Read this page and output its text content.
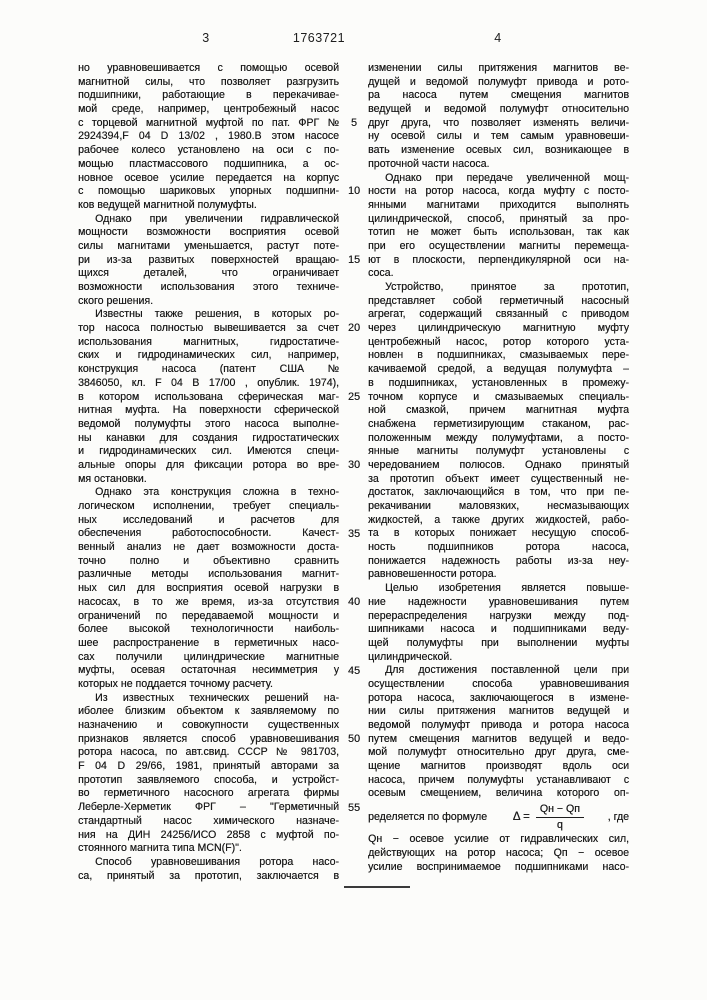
3	1763721	4
но уравновешивается с помощью осевой
магнитной силы, что позволяет разгрузить
подшипники, работающие в перекачивае-
мой среде, например, центробежный насос
с торцевой магнитной муфтой по пат. ФРГ №
2924394,F 04 D 13/02 , 1980.В этом насосе
рабочее колесо установлено на оси с по-
мощью пластмассового подшипника, а ос-
новное осевое усилие передается на корпус
с помощью шариковых упорных подшипни-
ков ведущей магнитной полумуфты.
Однако при увеличении гидравлической
мощности возможности восприятия осевой
силы магнитами уменьшается, растут поте-
ри из-за развитых поверхностей вращаю-
щихся деталей, что ограничивает
возможности использования этого техниче-
ского решения.
Известны также решения, в которых ро-
тор насоса полностью вывешивается за счет
использования магнитных, гидростатиче-
ских и гидродинамических сил, например,
конструкция насоса (патент США №
3846050, кл. F 04 B 17/00 , опублик. 1974),
в котором использована сферическая маг-
нитная муфта. На поверхности сферической
ведомой полумуфты этого насоса выполне-
ны канавки для создания гидростатических
и гидродинамических сил. Имеются специ-
альные опоры для фиксации ротора во вре-
мя остановки.
Однако эта конструкция сложна в техно-
логическом исполнении, требует специаль-
ных исследований и расчетов для
обеспечения работоспособности. Качест-
венный анализ не дает возможности доста-
точно полно и объективно сравнить
различные методы использования магнит-
ных сил для восприятия осевой нагрузки в
насосах, в то же время, из-за отсутствия
ограничений по передаваемой мощности и
более высокой технологичности наиболь-
шее распространение в герметичных насо-
сах получили цилиндрические магнитные
муфты, осевая остаточная несимметрия у
которых не поддается точному расчету.
Из известных технических решений на-
иболее близким объектом к заявляемому по
назначению и совокупности существенных
признаков является способ уравновешивания
ротора насоса, по авт.свид. СССР № 981703,
F 04 D 29/66, 1981, принятый авторами за
прототип заявляемого способа, и устройст-
во герметичного насосного агрегата фирмы
Леберле-Херметик ФРГ – "Герметичный
стандартный насос химического назначе-
ния на ДИН 24256/ИСО 2858 с муфтой по-
стоянного магнита типа MCN(F)".
Способ уравновешивания ротора насо-
са, принятый за прототип, заключается в
5
10
15
20
25
30
35
40
45
50
55
изменении силы притяжения магнитов ве-
дущей и ведомой полумуфт привода и рото-
ра насоса путем смещения магнитов
ведущей и ведомой полумуфт относительно
друг друга, что позволяет изменять величи-
ну осевой силы и тем самым уравновеши-
вать изменение осевых сил, возникающее в
проточной части насоса.
Однако при передаче увеличенной мощ-
ности на ротор насоса, когда муфту с посто-
янными магнитами приходится выполнять
цилиндрической, способ, принятый за про-
тотип не может быть использован, так как
при его осуществлении магниты перемеща-
ют в плоскости, перпендикулярной оси на-
соса.
Устройство, принятое за прототип,
представляет собой герметичный насосный
агрегат, содержащий связанный с приводом
через цилиндрическую магнитную муфту
центробежный насос, ротор которого уста-
новлен в подшипниках, смазываемых пере-
качиваемой средой, а ведущая полумуфта –
в подшипниках, установленных в промежу-
точном корпусе и смазываемых специаль-
ной смазкой, причем магнитная муфта
снабжена герметизирующим стаканом, рас-
положенным между полумуфтами, а посто-
янные магниты полумуфт установлены с
чередованием полюсов. Однако принятый
за прототип объект имеет существенный не-
достаток, заключающийся в том, что при пе-
рекачивании маловязких, несмазывающих
жидкостей, а также других жидкостей, рабо-
та в которых понижает несущую способ-
ность подшипников ротора насоса,
понижается надежность работы из-за неу-
равновешенности ротора.
Целью изобретения является повыше-
ние надежности уравновешивания путем
перераспределения нагрузки между под-
шипниками насоса и подшипниками веду-
щей полумуфты при выполнении муфты
цилиндрической.
Для достижения поставленной цели при
осуществлении способа уравновешивания
ротора насоса, заключающегося в измене-
нии силы притяжения магнитов ведущей и
ведомой полумуфт привода и ротора насоса
путем смещения магнитов ведущей и ведо-
мой полумуфт относительно друг друга, сме-
щение магнитов производят вдоль оси
насоса, причем полумуфты устанавливают с
осевым смещением, величина которого оп-
ределяется по формуле $\Delta = \frac{Qн - Qп}{q}$ , где
Qн − осевое усилие от гидравлических сил,
действующих на ротор насоса; Qп − осевое
усилие воспринимаемое подшипниками насо-
